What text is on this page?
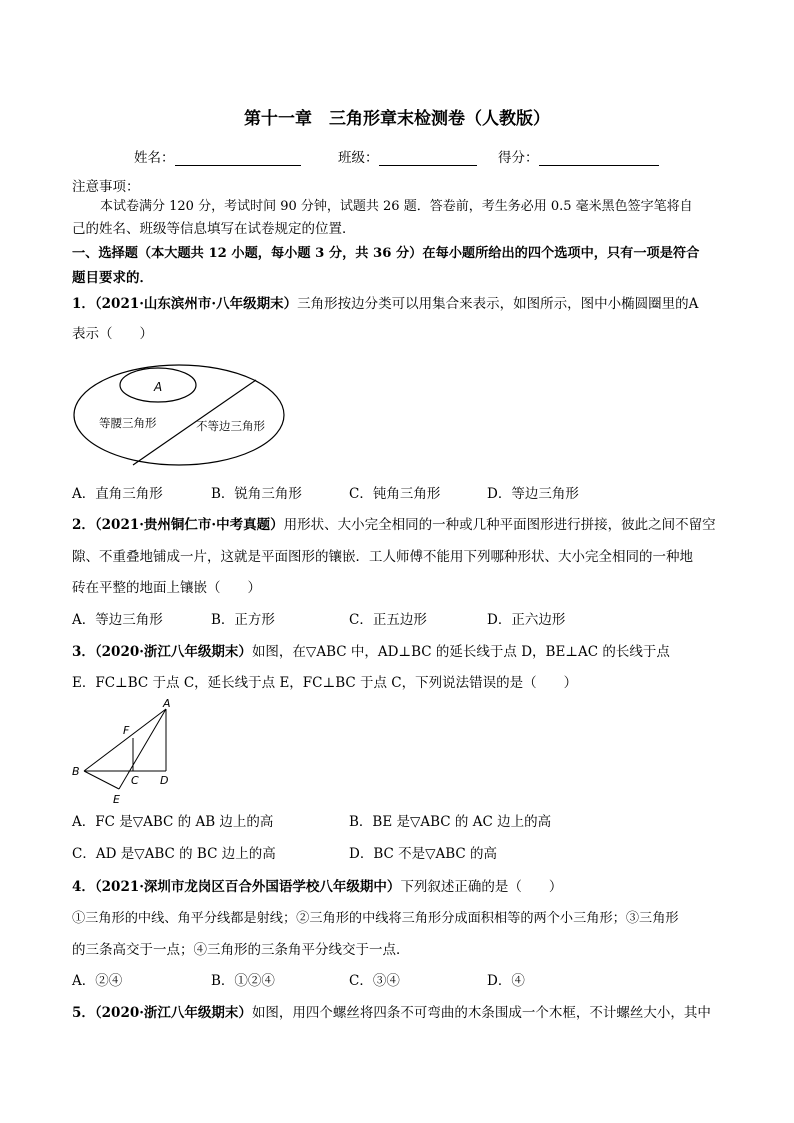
第十一章　三角形章末检测卷（人教版）
姓名：	班级：	得分：
注意事项：
本试卷满分 120 分，考试时间 90 分钟，试题共 26 题．答卷前，考生务必用 0.5 毫米黑色签字笔将自
己的姓名、班级等信息填写在试卷规定的位置．
一、选择题（本大题共 12 小题，每小题 3 分，共 36 分）在每小题所给出的四个选项中，只有一项是符合
题目要求的．
1．（2021·山东滨州市·八年级期末）三角形按边分类可以用集合来表示，如图所示，图中小椭圆圈里的A
表示（　　）
A
等腰三角形	不等边三角形
A．直角三角形	B．锐角三角形	C．钝角三角形	D．等边三角形
2．（2021·贵州铜仁市·中考真题）用形状、大小完全相同的一种或几种平面图形进行拼接，彼此之间不留空
隙、不重叠地铺成一片，这就是平面图形的镶嵌．工人师傅不能用下列哪种形状、大小完全相同的一种地
砖在平整的地面上镶嵌（　　）
A．等边三角形	B．正方形	C．正五边形	D．正六边形
3．（2020·浙江八年级期末）如图，在▽ABC 中，AD⊥BC 的延长线于点 D，BE⊥AC 的长线于点
E．FC⊥BC 于点 C，延长线于点 E，FC⊥BC 于点 C，下列说法错误的是（　　）
A
F
B
C D
E
A．FC 是▽ABC 的 AB 边上的高	B．BE 是▽ABC 的 AC 边上的高
C．AD 是▽ABC 的 BC 边上的高	D．BC 不是▽ABC 的高
4．（2021·深圳市龙岗区百合外国语学校八年级期中）下列叙述正确的是（　　）
①三角形的中线、角平分线都是射线；②三角形的中线将三角形分成面积相等的两个小三角形；③三角形
的三条高交于一点；④三角形的三条角平分线交于一点．
A．②④	B．①②④	C．③④	D．④
5．（2020·浙江八年级期末）如图，用四个螺丝将四条不可弯曲的木条围成一个木框，不计螺丝大小，其中
